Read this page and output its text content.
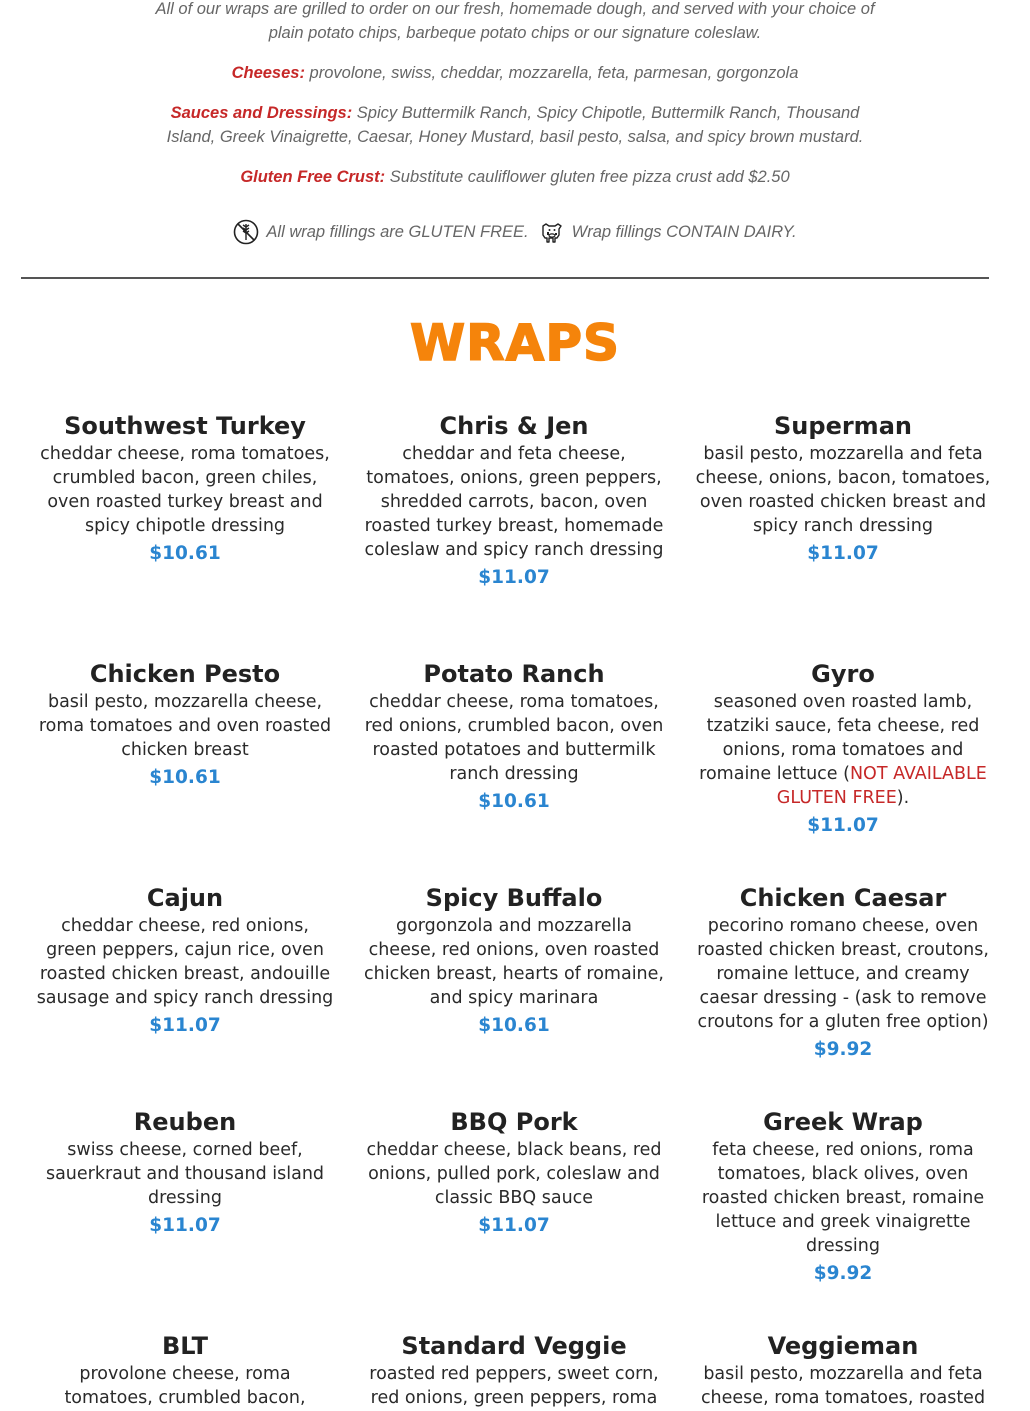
All of our wraps are grilled to order on our fresh, homemade dough, and served with your choice of plain potato chips, barbeque potato chips or our signature coleslaw.

Cheeses: provolone, swiss, cheddar, mozzarella, feta, parmesan, gorgonzola

Sauces and Dressings: Spicy Buttermilk Ranch, Spicy Chipotle, Buttermilk Ranch, Thousand Island, Greek Vinaigrette, Caesar, Honey Mustard, basil pesto, salsa, and spicy brown mustard.

Gluten Free Crust: Substitute cauliflower gluten free pizza crust add $2.50

All wrap fillings are GLUTEN FREE.	Wrap fillings CONTAIN DAIRY.
WRAPS
Southwest Turkey
cheddar cheese, roma tomatoes, crumbled bacon, green chiles, oven roasted turkey breast and spicy chipotle dressing
$10.61
Chris & Jen
cheddar and feta cheese, tomatoes, onions, green peppers, shredded carrots, bacon, oven roasted turkey breast, homemade coleslaw and spicy ranch dressing
$11.07
Superman
basil pesto, mozzarella and feta cheese, onions, bacon, tomatoes, oven roasted chicken breast and spicy ranch dressing
$11.07
Chicken Pesto
basil pesto, mozzarella cheese, roma tomatoes and oven roasted chicken breast
$10.61
Potato Ranch
cheddar cheese, roma tomatoes, red onions, crumbled bacon, oven roasted potatoes and buttermilk ranch dressing
$10.61
Gyro
seasoned oven roasted lamb, tzatziki sauce, feta cheese, red onions, roma tomatoes and romaine lettuce (NOT AVAILABLE GLUTEN FREE).
$11.07
Cajun
cheddar cheese, red onions, green peppers, cajun rice, oven roasted chicken breast, andouille sausage and spicy ranch dressing
$11.07
Spicy Buffalo
gorgonzola and mozzarella cheese, red onions, oven roasted chicken breast, hearts of romaine, and spicy marinara
$10.61
Chicken Caesar
pecorino romano cheese, oven roasted chicken breast, croutons, romaine lettuce, and creamy caesar dressing - (ask to remove croutons for a gluten free option)
$9.92
Reuben
swiss cheese, corned beef, sauerkraut and thousand island dressing
$11.07
BBQ Pork
cheddar cheese, black beans, red onions, pulled pork, coleslaw and classic BBQ sauce
$11.07
Greek Wrap
feta cheese, red onions, roma tomatoes, black olives, oven roasted chicken breast, romaine lettuce and greek vinaigrette dressing
$9.92
BLT
provolone cheese, roma tomatoes, crumbled bacon,
Standard Veggie
roasted red peppers, sweet corn, red onions, green peppers, roma
Veggieman
basil pesto, mozzarella and feta cheese, roma tomatoes, roasted
